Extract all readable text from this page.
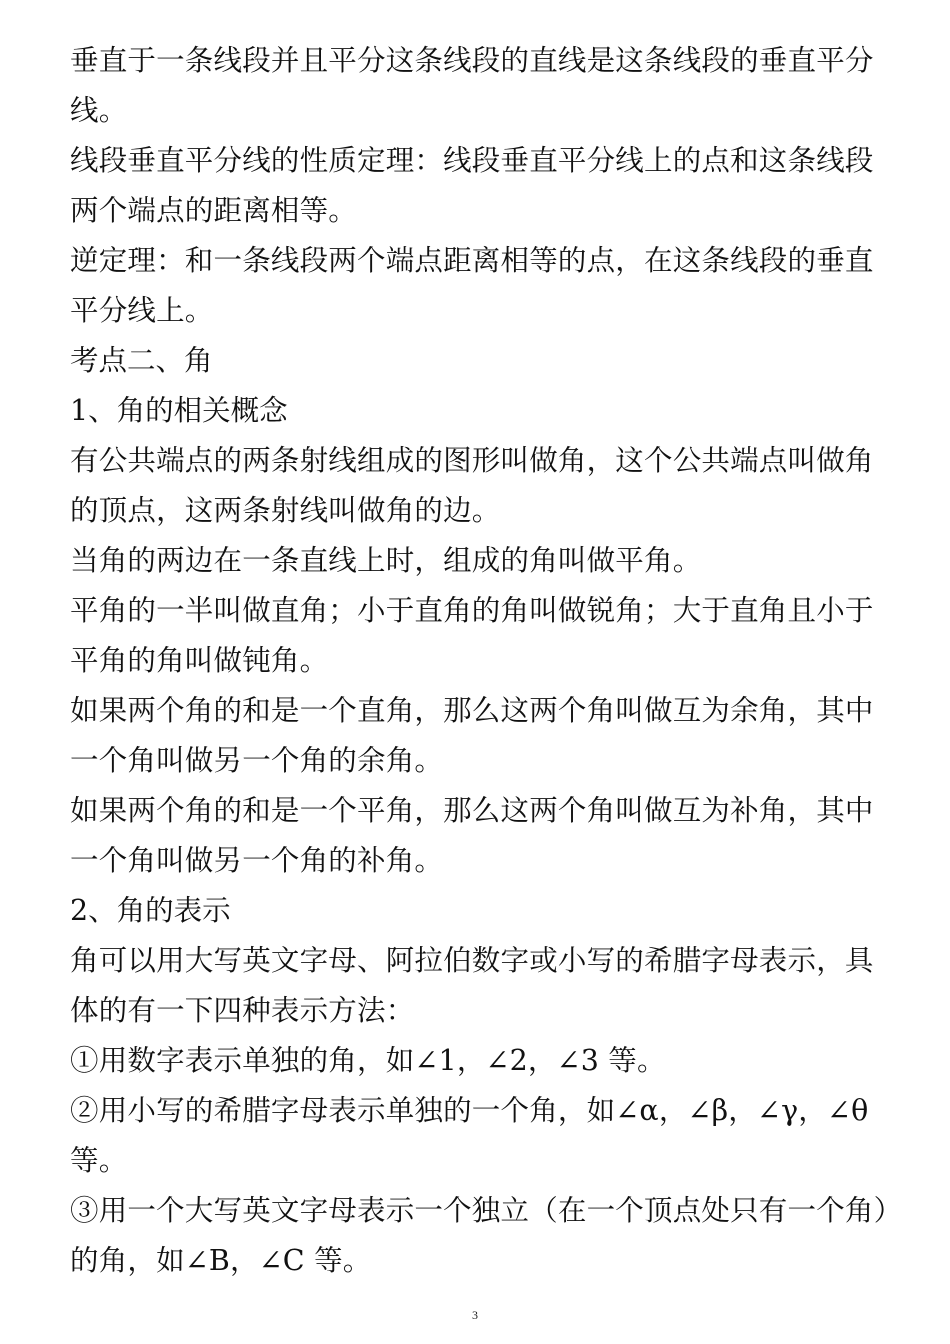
垂直于一条线段并且平分这条线段的直线是这条线段的垂直平分线。

线段垂直平分线的性质定理：线段垂直平分线上的点和这条线段两个端点的距离相等。

逆定理：和一条线段两个端点距离相等的点，在这条线段的垂直平分线上。

考点二、角

1、角的相关概念

有公共端点的两条射线组成的图形叫做角，这个公共端点叫做角的顶点，这两条射线叫做角的边。

当角的两边在一条直线上时，组成的角叫做平角。

平角的一半叫做直角；小于直角的角叫做锐角；大于直角且小于平角的角叫做钝角。

如果两个角的和是一个直角，那么这两个角叫做互为余角，其中一个角叫做另一个角的余角。

如果两个角的和是一个平角，那么这两个角叫做互为补角，其中一个角叫做另一个角的补角。

2、角的表示

角可以用大写英文字母、阿拉伯数字或小写的希腊字母表示，具体的有一下四种表示方法：

①用数字表示单独的角，如∠1，∠2，∠3 等。

②用小写的希腊字母表示单独的一个角，如∠α，∠β，∠γ，∠θ等。

③用一个大写英文字母表示一个独立（在一个顶点处只有一个角）的角，如∠B，∠C 等。

3
